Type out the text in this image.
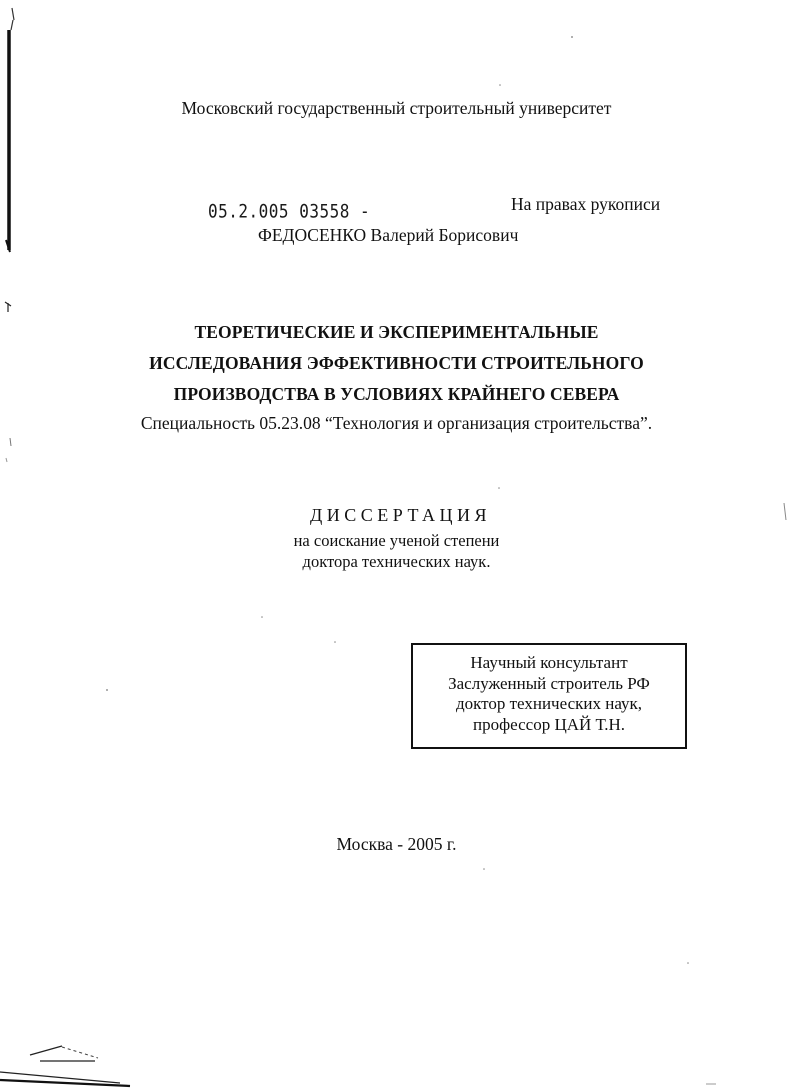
Московский государственный строительный университет
05.2.005 03558 -	На правах рукописи
ФЕДОСЕНКО Валерий Борисович
ТЕОРЕТИЧЕСКИЕ И ЭКСПЕРИМЕНТАЛЬНЫЕ
ИССЛЕДОВАНИЯ ЭФФЕКТИВНОСТИ СТРОИТЕЛЬНОГО
ПРОИЗВОДСТВА В УСЛОВИЯХ КРАЙНЕГО СЕВЕРА
Специальность 05.23.08 “Технология и организация строительства”.
ДИССЕРТАЦИЯ
на соискание ученой степени
доктора технических наук.
Научный консультант
Заслуженный строитель РФ
доктор технических наук,
профессор ЦАЙ Т.Н.
Москва - 2005 г.
